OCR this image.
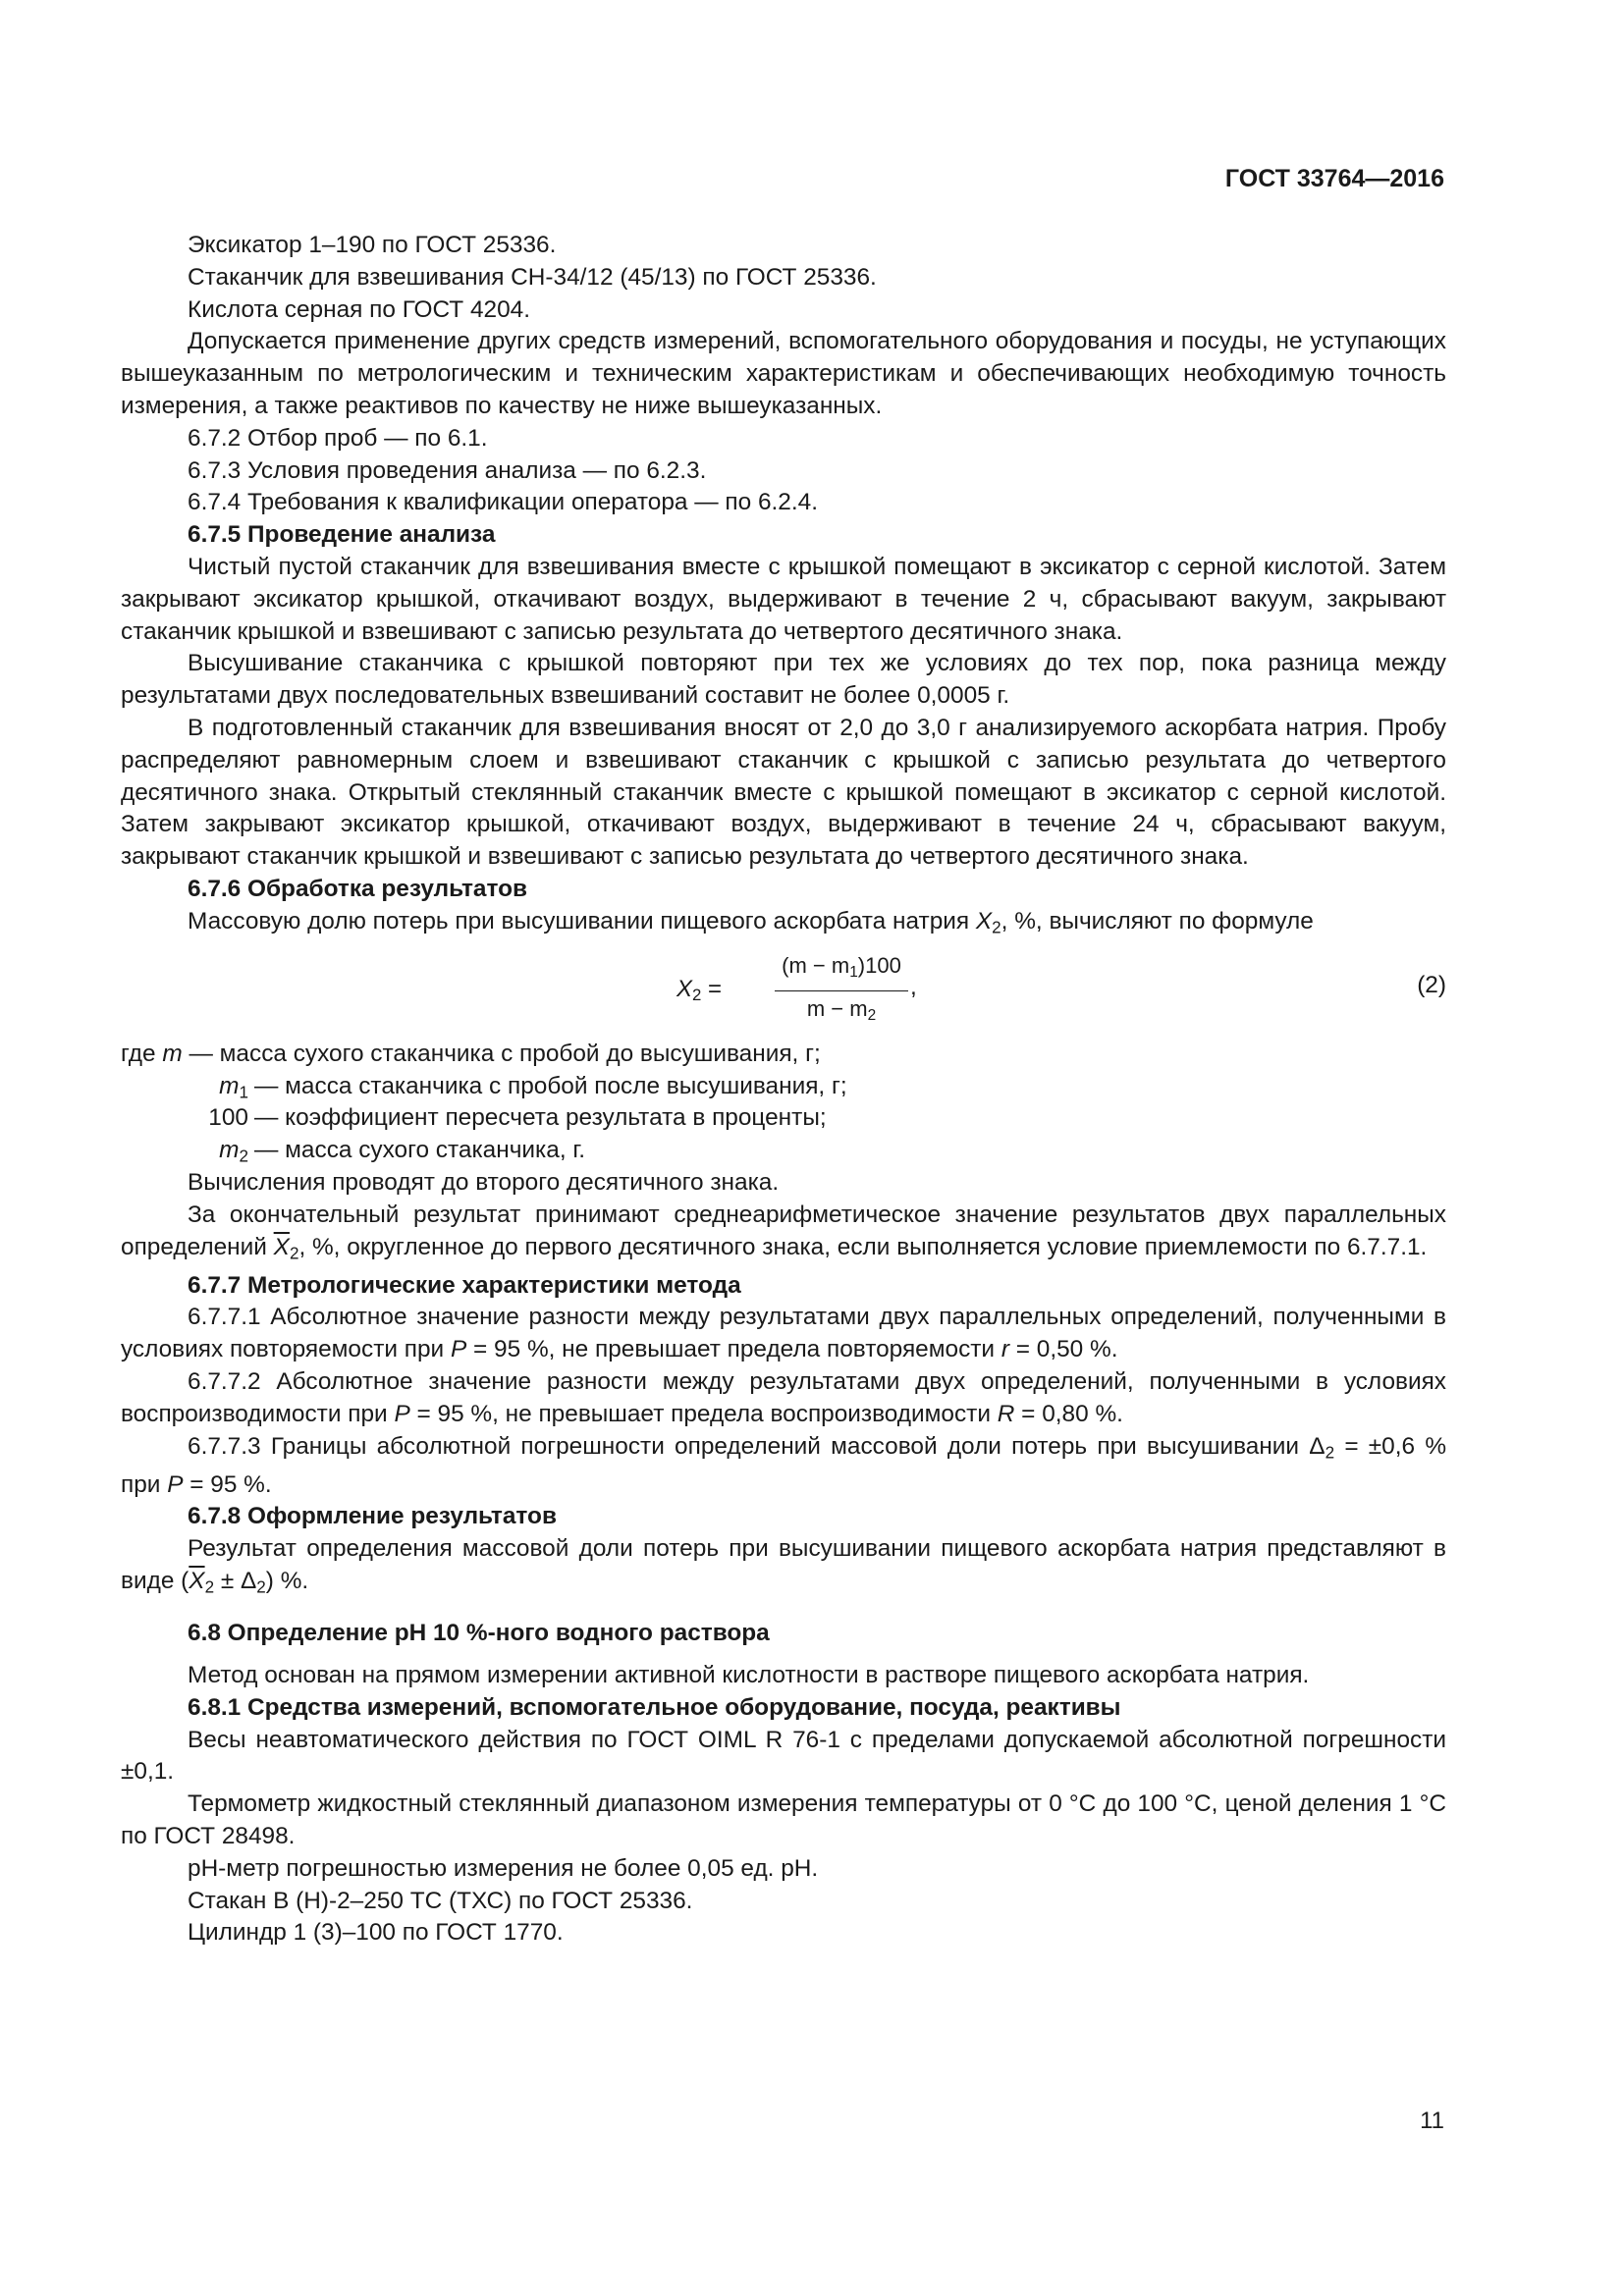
ГОСТ 33764—2016

Эксикатор 1–190 по ГОСТ 25336.

Стаканчик для взвешивания СН-34/12 (45/13) по ГОСТ 25336.

Кислота серная по ГОСТ 4204.

Допускается применение других средств измерений, вспомогательного оборудования и посуды, не уступающих вышеуказанным по метрологическим и техническим характеристикам и обеспечивающих необходимую точность измерения, а также реактивов по качеству не ниже вышеуказанных.

6.7.2 Отбор проб — по 6.1.

6.7.3 Условия проведения анализа — по 6.2.3.

6.7.4 Требования к квалификации оператора — по 6.2.4.

6.7.5 Проведение анализа

Чистый пустой стаканчик для взвешивания вместе с крышкой помещают в эксикатор с серной кислотой. Затем закрывают эксикатор крышкой, откачивают воздух, выдерживают в течение 2 ч, сбрасывают вакуум, закрывают стаканчик крышкой и взвешивают с записью результата до четвертого десятичного знака.

Высушивание стаканчика с крышкой повторяют при тех же условиях до тех пор, пока разница между результатами двух последовательных взвешиваний составит не более 0,0005 г.

В подготовленный стаканчик для взвешивания вносят от 2,0 до 3,0 г анализируемого аскорбата натрия. Пробу распределяют равномерным слоем и взвешивают стаканчик с крышкой с записью результата до четвертого десятичного знака. Открытый стеклянный стаканчик вместе с крышкой помещают в эксикатор с серной кислотой. Затем закрывают эксикатор крышкой, откачивают воздух, выдерживают в течение 24 ч, сбрасывают вакуум, закрывают стаканчик крышкой и взвешивают с записью результата до четвертого десятичного знака.

6.7.6 Обработка результатов

Массовую долю потерь при высушивании пищевого аскорбата натрия $X_2$, %, вычисляют по формуле

$X_2 = \frac{(m - m_1)100}{m - m_2}$ ,	(2)
где m — масса сухого стаканчика с пробой до высушивания, г;
$m_1$ — масса стаканчика с пробой после высушивания, г;
100 — коэффициент пересчета результата в проценты;
$m_2$ — масса сухого стаканчика, г.

Вычисления проводят до второго десятичного знака.

За окончательный результат принимают среднеарифметическое значение результатов двух параллельных определений $\overline{X}_2$, %, округленное до первого десятичного знака, если выполняется условие приемлемости по 6.7.7.1.

6.7.7 Метрологические характеристики метода

6.7.7.1 Абсолютное значение разности между результатами двух параллельных определений, полученными в условиях повторяемости при P = 95 %, не превышает предела повторяемости r = 0,50 %.

6.7.7.2 Абсолютное значение разности между результатами двух определений, полученными в условиях воспроизводимости при P = 95 %, не превышает предела воспроизводимости R = 0,80 %.

6.7.7.3 Границы абсолютной погрешности определений массовой доли потерь при высушивании $\Delta_2 = \pm 0,6$ % при P = 95 %.

6.7.8 Оформление результатов

Результат определения массовой доли потерь при высушивании пищевого аскорбата натрия представляют в виде $(\overline{X}_2 \pm \Delta_2)$ %.

6.8 Определение pH 10 %-ного водного раствора

Метод основан на прямом измерении активной кислотности в растворе пищевого аскорбата натрия.

6.8.1 Средства измерений, вспомогательное оборудование, посуда, реактивы

Весы неавтоматического действия по ГОСТ OIML R 76-1 с пределами допускаемой абсолютной погрешности ±0,1.

Термометр жидкостный стеклянный диапазоном измерения температуры от 0 °С до 100 °С, ценой деления 1 °С по ГОСТ 28498.

pH-метр погрешностью измерения не более 0,05 ед. pH.

Стакан В (Н)-2–250 ТС (ТХС) по ГОСТ 25336.

Цилиндр 1 (3)–100 по ГОСТ 1770.

11
